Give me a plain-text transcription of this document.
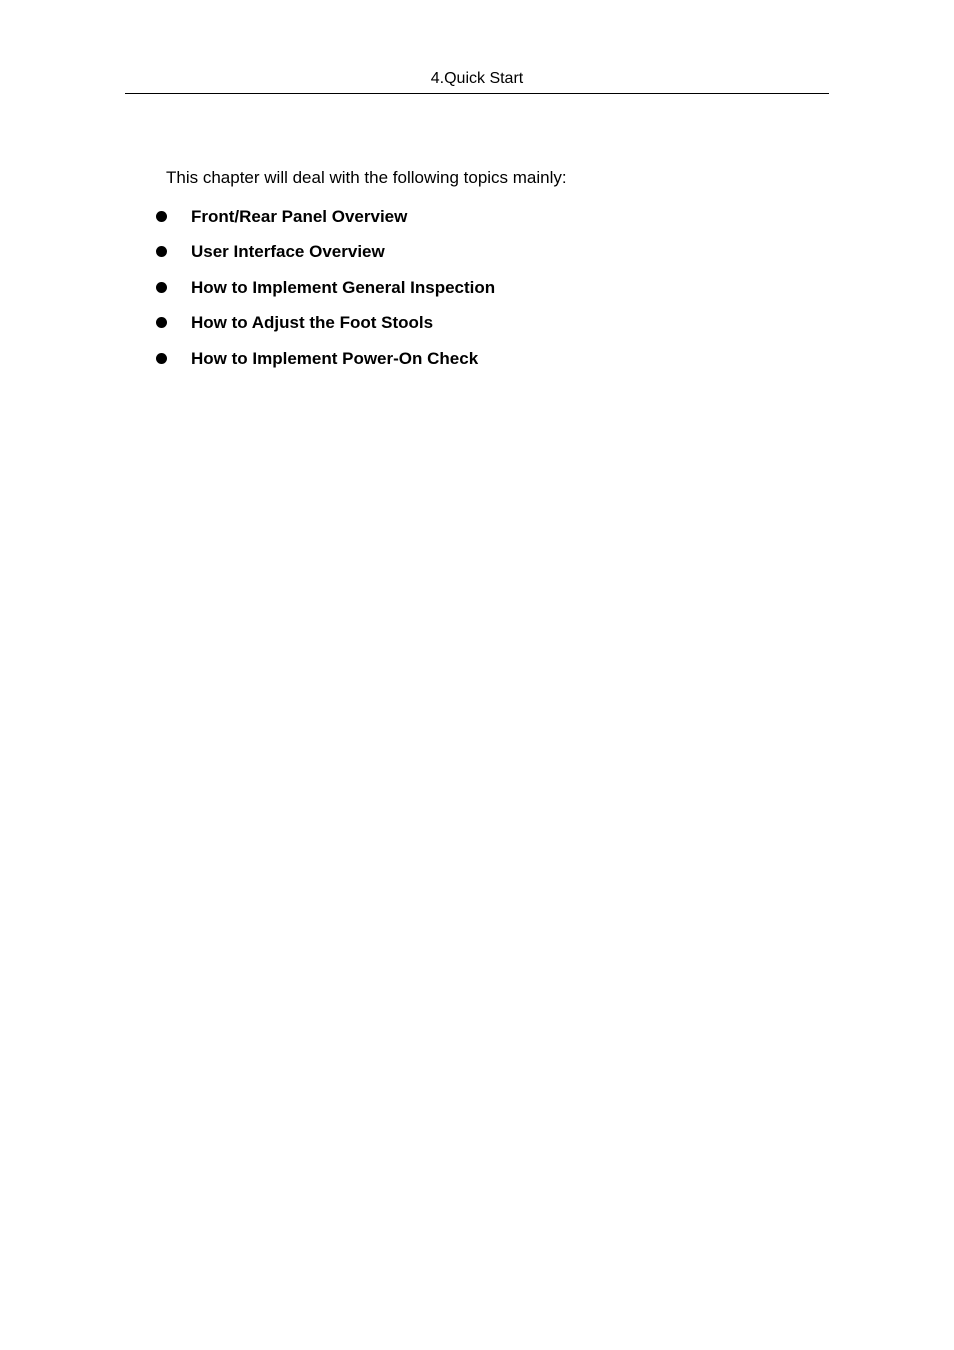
4.Quick Start
This chapter will deal with the following topics mainly:
Front/Rear Panel Overview
User Interface Overview
How to Implement General Inspection
How to Adjust the Foot Stools
How to Implement Power-On Check
